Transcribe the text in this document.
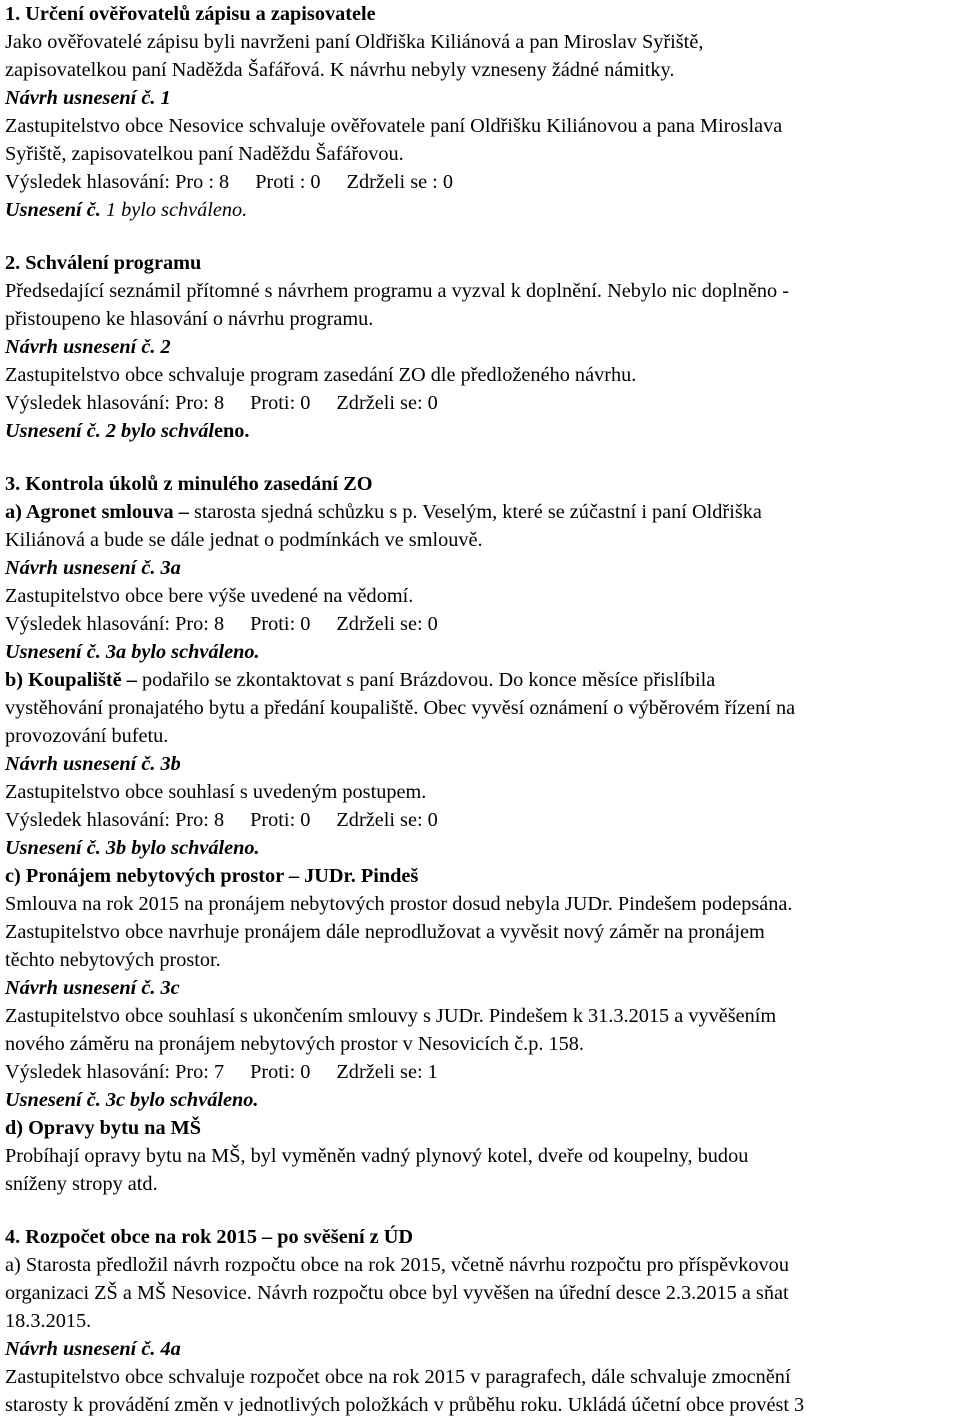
1. Určení ověřovatelů zápisu a zapisovatele
Jako ověřovatelé zápisu byli navrženi paní Oldřiška Kiliánová a pan Miroslav Syřiště,
zapisovatelkou paní Naděžda Šafářová. K návrhu nebyly vzneseny žádné námitky.
Návrh usnesení č. 1
Zastupitelstvo obce Nesovice schvaluje ověřovatele paní Oldřišku Kiliánovou a pana Miroslava
Syřiště, zapisovatelkou paní Naděždu Šafářovou.
Výsledek hlasování: Pro : 8 Proti : 0 Zdrželi se : 0
Usnesení č. 1 bylo schváleno.
2. Schválení programu
Předsedající seznámil přítomné s návrhem programu a vyzval k doplnění. Nebylo nic doplněno -
přistoupeno ke hlasování o návrhu programu.
Návrh usnesení č. 2
Zastupitelstvo obce schvaluje program zasedání ZO dle předloženého návrhu.
Výsledek hlasování: Pro: 8 Proti: 0 Zdrželi se: 0
Usnesení č. 2 bylo schváleno.
3. Kontrola úkolů z minulého zasedání ZO
a) Agronet smlouva – starosta sjedná schůzku s p. Veselým, které se zúčastní i paní Oldřiška
Kiliánová a bude se dále jednat o podmínkách ve smlouvě.
Návrh usnesení č. 3a
Zastupitelstvo obce bere výše uvedené na vědomí.
Výsledek hlasování: Pro: 8 Proti: 0 Zdrželi se: 0
Usnesení č. 3a bylo schváleno.
b) Koupaliště – podařilo se zkontaktovat s paní Brázdovou. Do konce měsíce přislíbila
vystěhování pronajatého bytu a předání koupaliště. Obec vyvěsí oznámení o výběrovém řízení na
provozování bufetu.
Návrh usnesení č. 3b
Zastupitelstvo obce souhlasí s uvedeným postupem.
Výsledek hlasování: Pro: 8 Proti: 0 Zdrželi se: 0
Usnesení č. 3b bylo schváleno.
c) Pronájem nebytových prostor – JUDr. Pindeš
Smlouva na rok 2015 na pronájem nebytových prostor dosud nebyla JUDr. Pindešem podepsána.
Zastupitelstvo obce navrhuje pronájem dále neprodlužovat a vyvěsit nový záměr na pronájem
těchto nebytových prostor.
Návrh usnesení č. 3c
Zastupitelstvo obce souhlasí s ukončením smlouvy s JUDr. Pindešem k 31.3.2015 a vyvěšením
nového záměru na pronájem nebytových prostor v Nesovicích č.p. 158.
Výsledek hlasování: Pro: 7 Proti: 0 Zdrželi se: 1
Usnesení č. 3c bylo schváleno.
d) Opravy bytu na MŠ
Probíhají opravy bytu na MŠ, byl vyměněn vadný plynový kotel, dveře od koupelny, budou
sníženy stropy atd.
4. Rozpočet obce na rok 2015 – po svěšení z ÚD
a) Starosta předložil návrh rozpočtu obce na rok 2015, včetně návrhu rozpočtu pro příspěvkovou
organizaci ZŠ a MŠ Nesovice. Návrh rozpočtu obce byl vyvěšen na úřední desce 2.3.2015 a sňat
18.3.2015.
Návrh usnesení č. 4a
Zastupitelstvo obce schvaluje rozpočet obce na rok 2015 v paragrafech, dále schvaluje zmocnění
starosty k provádění změn v jednotlivých položkách v průběhu roku. Ukládá účetní obce provést 3
